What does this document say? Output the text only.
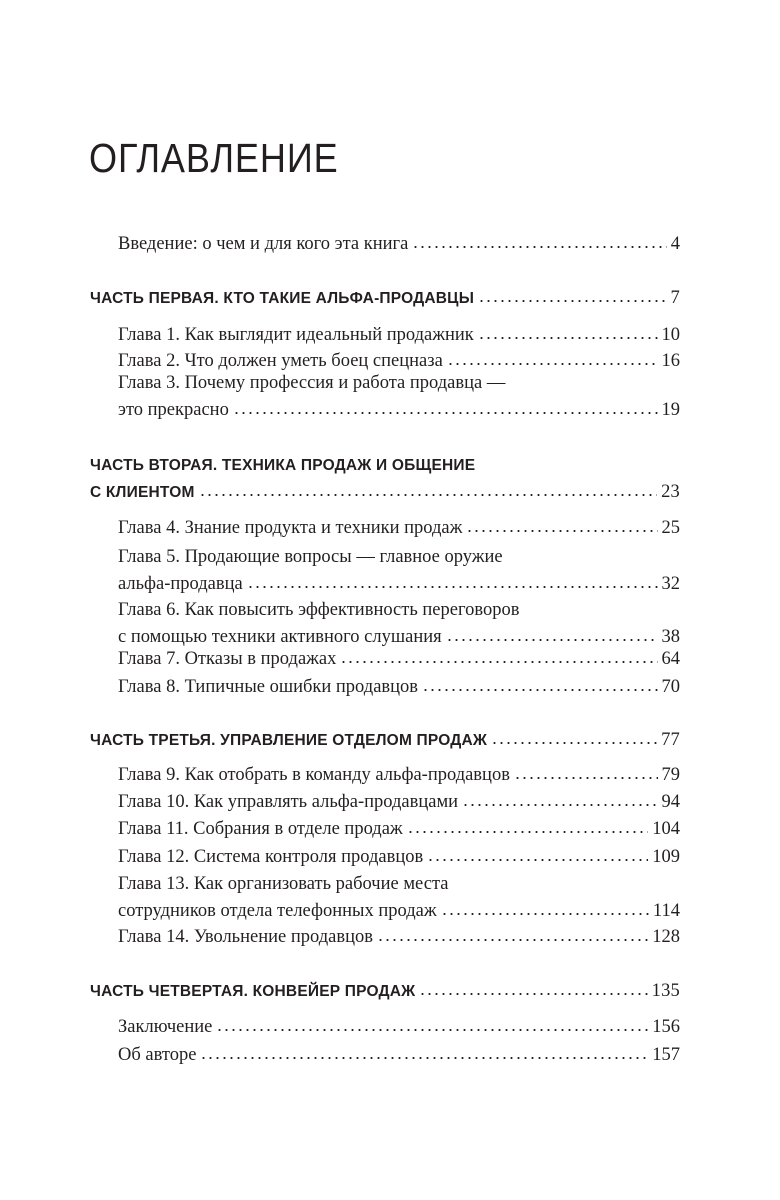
ОГЛАВЛЕНИЕ
Введение: о чем и для кого эта книга	4
ЧАСТЬ ПЕРВАЯ. КТО ТАКИЕ АЛЬФА-ПРОДАВЦЫ	7
Глава 1. Как выглядит идеальный продажник	10
Глава 2. Что должен уметь боец спецназа	16
Глава 3. Почему профессия и работа продавца —
это прекрасно	19
ЧАСТЬ ВТОРАЯ. ТЕХНИКА ПРОДАЖ И ОБЩЕНИЕ
С КЛИЕНТОМ	23
Глава 4. Знание продукта и техники продаж	25
Глава 5. Продающие вопросы — главное оружие
альфа-продавца	32
Глава 6. Как повысить эффективность переговоров
с помощью техники активного слушания	38
Глава 7. Отказы в продажах	64
Глава 8. Типичные ошибки продавцов	70
ЧАСТЬ ТРЕТЬЯ. УПРАВЛЕНИЕ ОТДЕЛОМ ПРОДАЖ	77
Глава 9. Как отобрать в команду альфа-продавцов	79
Глава 10. Как управлять альфа-продавцами	94
Глава 11. Собрания в отделе продаж	104
Глава 12. Система контроля продавцов	109
Глава 13. Как организовать рабочие места
сотрудников отдела телефонных продаж	114
Глава 14. Увольнение продавцов	128
ЧАСТЬ ЧЕТВЕРТАЯ. КОНВЕЙЕР ПРОДАЖ	135
Заключение	156
Об авторе	157
